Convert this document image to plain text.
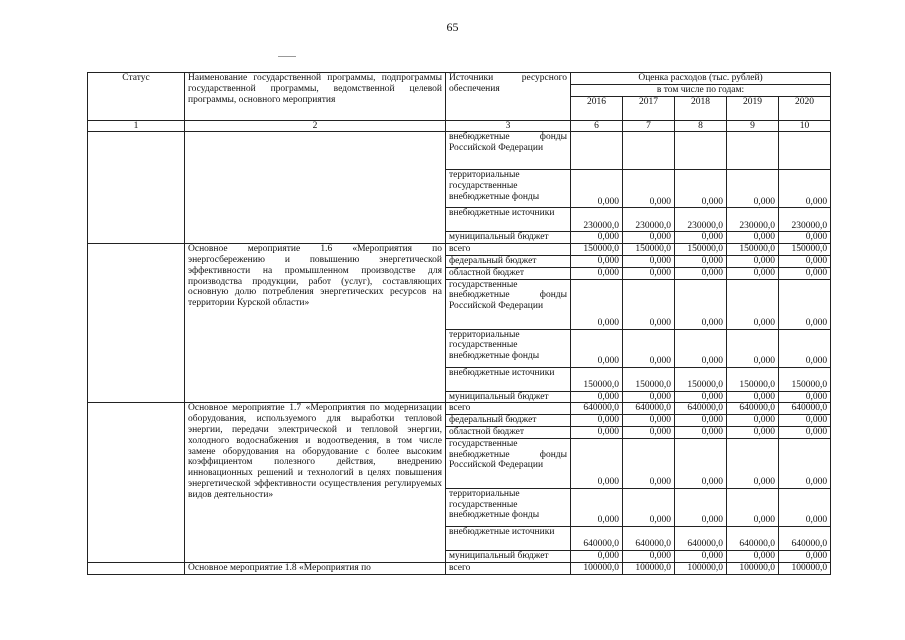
65
Статус	Наименование государственной программы, подпрограммы государственной программы, ведомственной целевой программы, основного мероприятия	Источники ресурсного обеспечения	Оценка расходов (тыс. рублей)				
			в том числе по годам:				
			2016	2017	2018	2019	2020
1	2	3	6	7	8	9	10
		внебюджетные фонды Российской Федерации					
		территориальные государственные внебюджетные фонды	0,000	0,000	0,000	0,000	0,000
		внебюджетные источники	230000,0	230000,0	230000,0	230000,0	230000,0
		муниципальный бюджет	0,000	0,000	0,000	0,000	0,000
	Основное мероприятие 1.6 «Мероприятия по энергосбережению и повышению энергетической эффективности на промышленном производстве для производства продукции, работ (услуг), составляющих основную долю потребления энергетических ресурсов на территории Курской области»	всего	150000,0	150000,0	150000,0	150000,0	150000,0
		федеральный бюджет	0,000	0,000	0,000	0,000	0,000
		областной бюджет	0,000	0,000	0,000	0,000	0,000
		государственные внебюджетные фонды Российской Федерации	0,000	0,000	0,000	0,000	0,000
		территориальные государственные внебюджетные фонды	0,000	0,000	0,000	0,000	0,000
		внебюджетные источники	150000,0	150000,0	150000,0	150000,0	150000,0
		муниципальный бюджет	0,000	0,000	0,000	0,000	0,000
	Основное мероприятие 1.7 «Мероприятия по модернизации оборудования, используемого для выработки тепловой энергии, передачи электрической и тепловой энергии, холодного водоснабжения и водоотведения, в том числе замене оборудования на оборудование с более высоким коэффициентом полезного действия, внедрению инновационных решений и технологий в целях повышения энергетической эффективности осуществления регулируемых видов деятельности»	всего	640000,0	640000,0	640000,0	640000,0	640000,0
		федеральный бюджет	0,000	0,000	0,000	0,000	0,000
		областной бюджет	0,000	0,000	0,000	0,000	0,000
		государственные внебюджетные фонды Российской Федерации	0,000	0,000	0,000	0,000	0,000
		территориальные государственные внебюджетные фонды	0,000	0,000	0,000	0,000	0,000
		внебюджетные источники	640000,0	640000,0	640000,0	640000,0	640000,0
		муниципальный бюджет	0,000	0,000	0,000	0,000	0,000
	Основное мероприятие 1.8 «Мероприятия по	всего	100000,0	100000,0	100000,0	100000,0	100000,0
